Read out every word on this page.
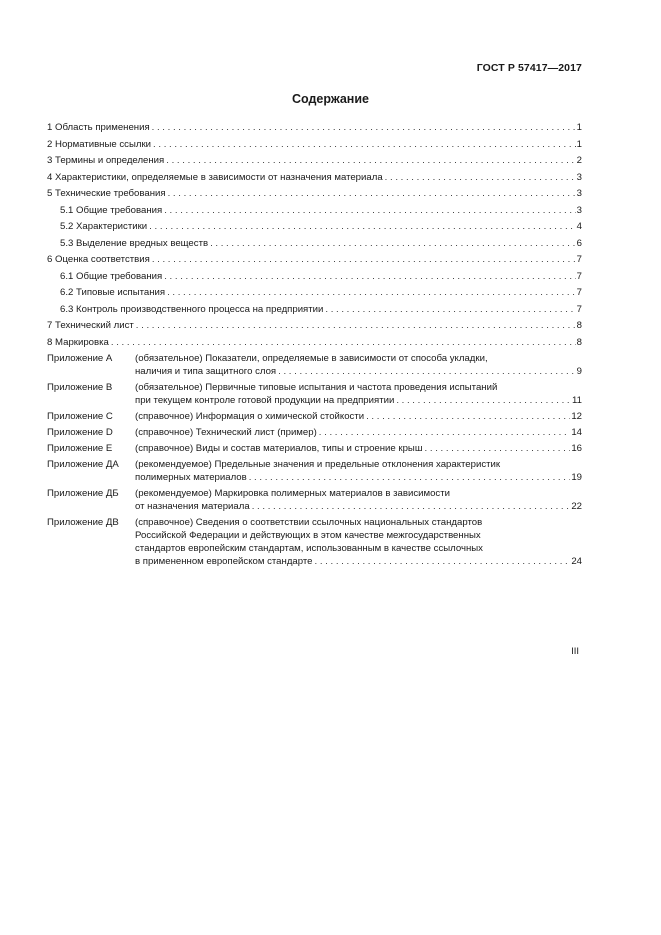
ГОСТ Р 57417—2017
Содержание
1 Область применения . . .	1
2 Нормативные ссылки . . .	1
3 Термины и определения . . .	2
4 Характеристики, определяемые в зависимости от назначения материала . . .	3
5 Технические требования . . .	3
5.1 Общие требования . . .	3
5.2 Характеристики . . .	4
5.3 Выделение вредных веществ . . .	6
6 Оценка соответствия . . .	7
6.1 Общие требования . . .	7
6.2 Типовые испытания . . .	7
6.3 Контроль производственного процесса на предприятии . . .	7
7 Технический лист . . .	8
8 Маркировка . . .	8
Приложение A (обязательное) Показатели, определяемые в зависимости от способа укладки,
наличия и типа защитного слоя . . .	9
Приложение B (обязательное) Первичные типовые испытания и частота проведения испытаний
при текущем контроле готовой продукции на предприятии . . .	11
Приложение C (справочное) Информация о химической стойкости . . .	12
Приложение D (справочное) Технический лист (пример) . . .	14
Приложение E (справочное) Виды и состав материалов, типы и строение крыш . . .	16
Приложение ДА (рекомендуемое) Предельные значения и предельные отклонения характеристик
полимерных материалов . . .	19
Приложение ДБ (рекомендуемое) Маркировка полимерных материалов в зависимости
от назначения материала . . .	22
Приложение ДВ (справочное) Сведения о соответствии ссылочных национальных стандартов
Российской Федерации и действующих в этом качестве межгосударственных
стандартов европейским стандартам, использованным в качестве ссылочных
в примененном европейском стандарте . . .	24
III
